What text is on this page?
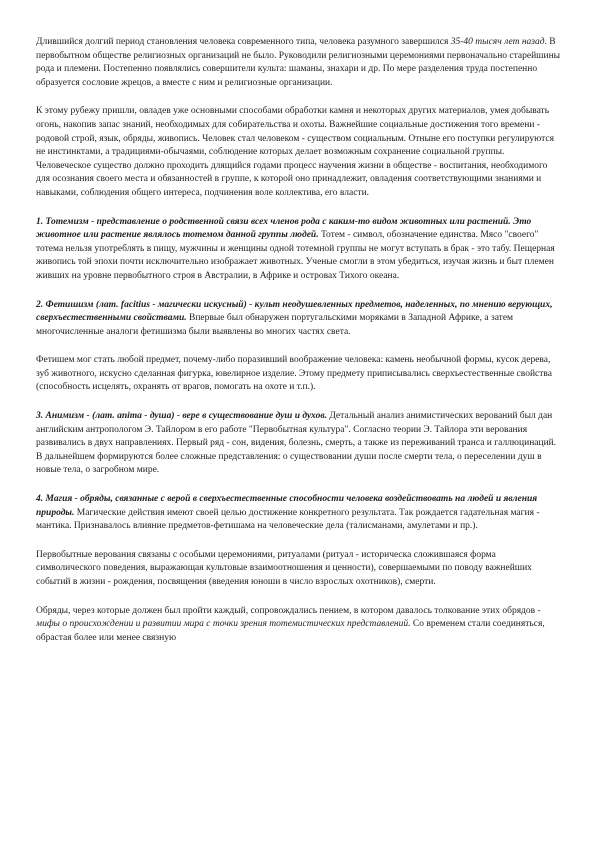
Длившийся долгий период становления человека современного типа, человека разумного завершился 35-40 тысяч лет назад. В первобытном обществе религиозных организаций не было. Руководили религиозными церемониями первоначально старейшины рода и племени. Постепенно появлялись совершители культа: шаманы, знахари и др. По мере разделения труда постепенно образуется сословие жрецов, а вместе с ним и религиозные организации.

К этому рубежу пришли, овладев уже основными способами обработки камня и некоторых других материалов, умея добывать огонь, накопив запас знаний, необходимых для собирательства и охоты. Важнейшие социальные достижения того времени - родовой строй, язык, обряды, живопись. Человек стал человеком - существом социальным. Отныне его поступки регулируются не инстинктами, а традициями-обычаями, соблюдение которых делает возможным сохранение социальной группы. Человеческое существо должно проходить длящийся годами процесс научения жизни в обществе - воспитания, необходимого для осознания своего места и обязанностей в группе, к которой оно принадлежит, овладения соответствующими знаниями и навыками, соблюдения общего интереса, подчинения воле коллектива, его власти.

1. Тотемизм - представление о родственной связи всех членов рода с каким-то видом животных или растений. Это животное или растение являлось тотемом данной группы людей. Тотем - символ, обозначение единства. Мясо "своего" тотема нельзя употреблять в пищу, мужчины и женщины одной тотемной группы не могут вступать в брак - это табу. Пещерная живопись той эпохи почти исключительно изображает животных. Ученые смогли в этом убедиться, изучая жизнь и быт племен живших на уровне первобытного строя в Австралии, в Африке и островах Тихого океана.

2. Фетишизм (лат. facitius - магически искусный) - культ неодушевленных предметов, наделенных, по мнению верующих, сверхъестественными свойствами. Впервые был обнаружен португальскими моряками в Западной Африке, а затем многочисленные аналоги фетишизма были выявлены во многих частях света.

Фетишем мог стать любой предмет, почему-либо поразивший воображение человека: камень необычной формы, кусок дерева, зуб животного, искусно сделанная фигурка, ювелирное изделие. Этому предмету приписывались сверхъестественные свойства (способность исцелять, охранять от врагов, помогать на охоте и т.п.).

3. Анимизм - (лат. anima - душа) - вере в существование душ и духов. Детальный анализ анимистических верований был дан английским антропологом Э. Тайлором в его работе "Первобытная культура". Согласно теории Э. Тайлора эти верования развивались в двух направлениях. Первый ряд - сон, видения, болезнь, смерть, а также из переживаний транса и галлюцинаций. В дальнейшем формируются более сложные представления: о существовании души после смерти тела, о переселении душ в новые тела, о загробном мире.

4. Магия - обряды, связанные с верой в сверхъестественные способности человека воздействовать на людей и явления природы. Магические действия имеют своей целью достижение конкретного результата. Так рождается гадательная магия - мантика. Признавалось влияние предметов-фетишама на человеческие дела (талисманами, амулетами и пр.).

Первобытные верования связаны с особыми церемониями, ритуалами (ритуал - историческа сложившаяся форма символического поведения, выражающая культовые взаимоотношения и ценности), совершаемыми по поводу важнейших событий в жизни - рождения, посвящения (введения юноши в число взрослых охотников), смерти.

Обряды, через которые должен был пройти каждый, сопровождались пением, в котором давалось толкование этих обрядов - мифы о происхождении и развитии мира с точки зрения тотемистических представлений. Со временем стали соединяться, обрастая более или менее связную
